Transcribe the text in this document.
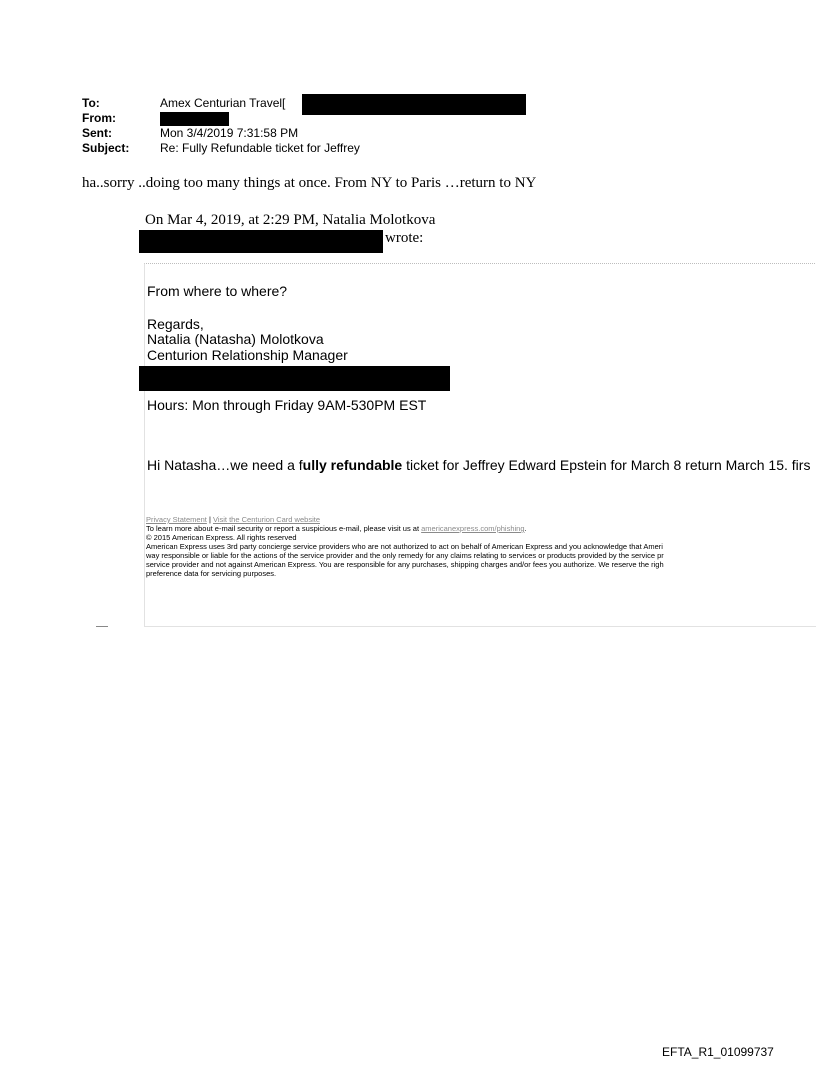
To:	Amex Centurian Travel[
From:
Sent:	Mon 3/4/2019 7:31:58 PM
Subject:	Re: Fully Refundable ticket for Jeffrey
ha..sorry ..doing too many things at once. From NY to Paris …return to NY
On Mar 4, 2019, at 2:29 PM, Natalia Molotkova
wrote:
From where to where?
Regards,
Natalia (Natasha) Molotkova
Centurion Relationship Manager
Hours: Mon through Friday 9AM-530PM EST
Hi Natasha…we need a fully refundable ticket for Jeffrey Edward Epstein for March 8 return March 15. firs
Privacy Statement | Visit the Centurion Card website
To learn more about e-mail security or report a suspicious e-mail, please visit us at americanexpress.com/phishing.
© 2015 American Express. All rights reserved
American Express uses 3rd party concierge service providers who are not authorized to act on behalf of American Express and you acknowledge that Ameri
way responsible or liable for the actions of the service provider and the only remedy for any claims relating to services or products provided by the service pr
service provider and not against American Express. You are responsible for any purchases, shipping charges and/or fees you authorize. We reserve the righ
preference data for servicing purposes.
EFTA_R1_01099737
